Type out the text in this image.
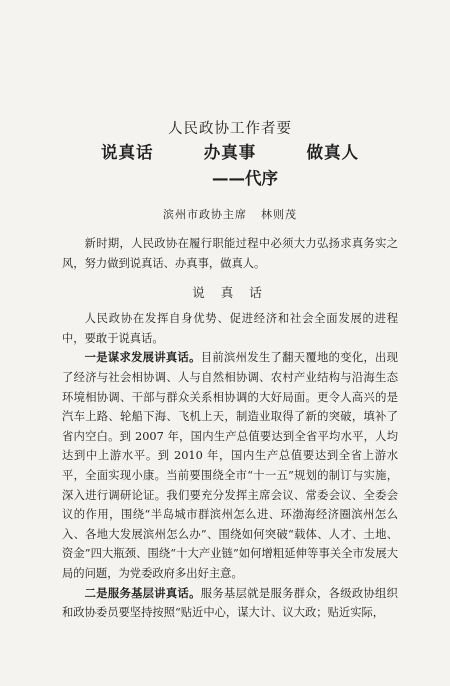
人民政协工作者要
说真话   办真事   做真人
——代序
滨州市政协主席 林则茂

新时期，人民政协在履行职能过程中必须大力弘扬求真务实之风，努力做到说真话、办真事，做真人。

说 真 话

人民政协在发挥自身优势、促进经济和社会全面发展的进程中，要敢于说真话。

一是谋求发展讲真话。目前滨州发生了翻天覆地的变化，出现了经济与社会相协调、人与自然相协调、农村产业结构与沿海生态环境相协调、干部与群众关系相协调的大好局面。更令人高兴的是汽车上路、轮船下海、飞机上天，制造业取得了新的突破，填补了省内空白。到 2007 年，国内生产总值要达到全省平均水平，人均达到中上游水平。到 2010 年，国内生产总值要达到全省上游水平，全面实现小康。当前要围绕全市“十一五”规划的制订与实施，深入进行调研论证。我们要充分发挥主席会议、常委会议、全委会议的作用，围绕“半岛城市群滨州怎么进、环渤海经济圈滨州怎么入、各地大发展滨州怎么办”、围绕如何突破“载体、人才、土地、资金”四大瓶颈、围绕“十大产业链”如何增粗延伸等事关全市发展大局的问题，为党委政府多出好主意。

二是服务基层讲真话。服务基层就是服务群众，各级政协组织和政协委员要坚持按照“贴近中心，谋大计、议大政；贴近实际，
